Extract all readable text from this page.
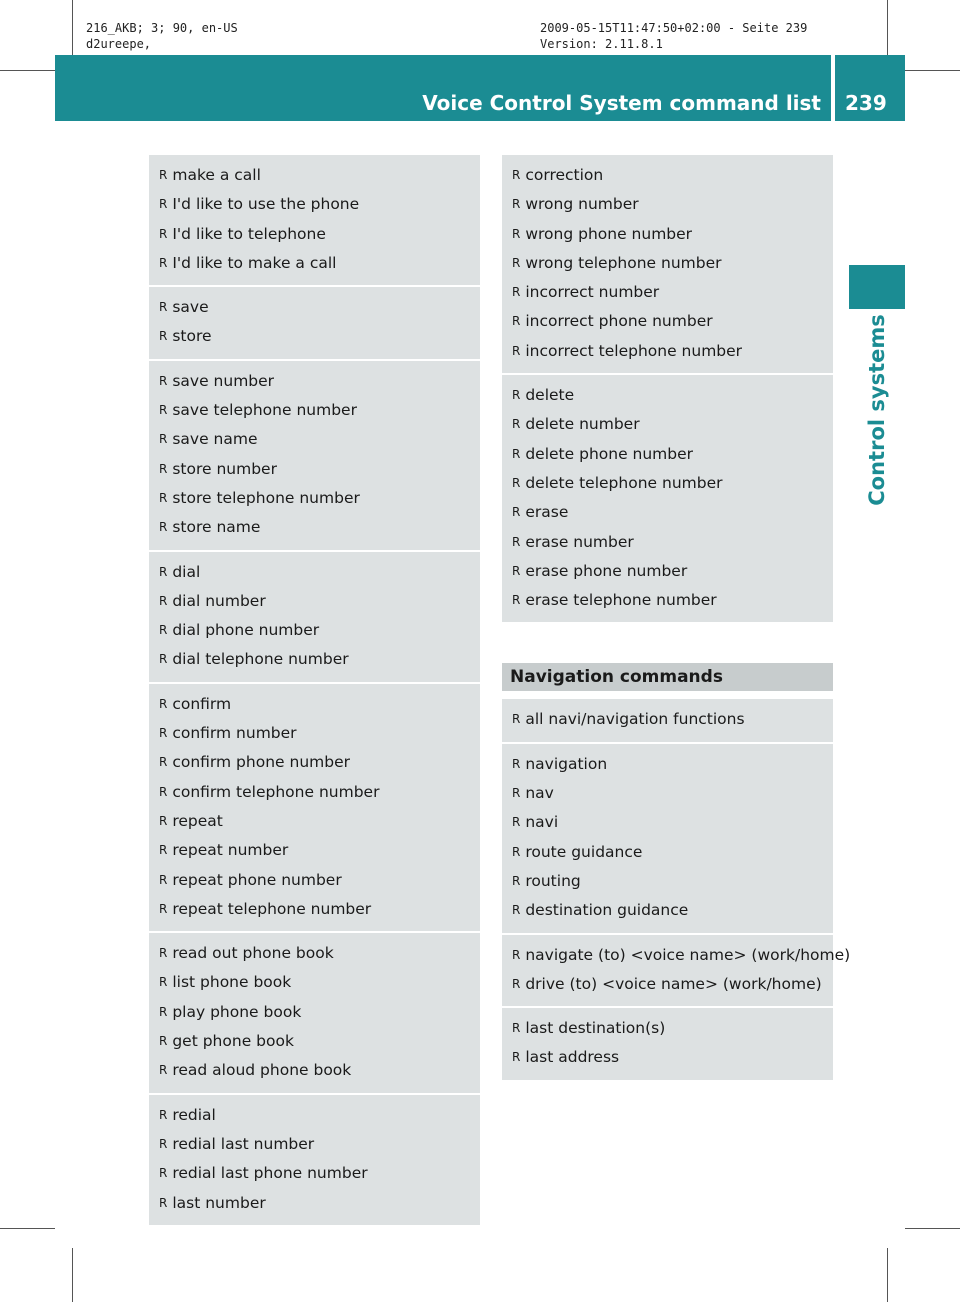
216_AKB; 3; 90, en-US
d2ureepe,
2009-05-15T11:47:50+02:00 - Seite 239
Version: 2.11.8.1
Voice Control System command list 239
Control systems
R make a call
R I'd like to use the phone
R I'd like to telephone
R I'd like to make a call
R save
R store
R save number
R save telephone number
R save name
R store number
R store telephone number
R store name
R dial
R dial number
R dial phone number
R dial telephone number
R confirm
R confirm number
R confirm phone number
R confirm telephone number
R repeat
R repeat number
R repeat phone number
R repeat telephone number
R read out phone book
R list phone book
R play phone book
R get phone book
R read aloud phone book
R redial
R redial last number
R redial last phone number
R last number
R correction
R wrong number
R wrong phone number
R wrong telephone number
R incorrect number
R incorrect phone number
R incorrect telephone number
R delete
R delete number
R delete phone number
R delete telephone number
R erase
R erase number
R erase phone number
R erase telephone number
Navigation commands
R all navi/navigation functions
R navigation
R nav
R navi
R route guidance
R routing
R destination guidance
R navigate (to) <voice name> (work/home)
R drive (to) <voice name> (work/home)
R last destination(s)
R last address
